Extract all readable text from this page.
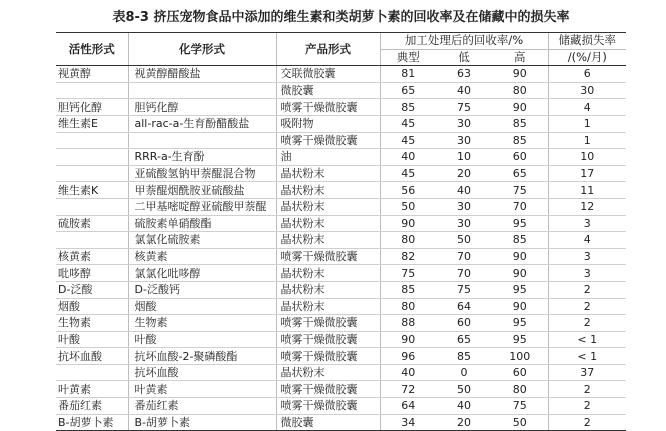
表8-3 挤压宠物食品中添加的维生素和类胡萝卜素的回收率及在储藏中的损失率
活性形式	化学形式	产品形式	加工处理后的回收率/%			储藏损失率
			典型	低	高	/(%/月)
视黄醇	视黄醇醋酸盐	交联微胶囊	81	63	90	6
		微胶囊	65	40	80	30
胆钙化醇	胆钙化醇	喷雾干燥微胶囊	85	75	90	4
维生素E	all-rac-a-生育酚醋酸盐	吸附物	45	30	85	1
		喷雾干燥微胶囊	45	30	85	1
	RRR-a-生育酚	油	40	10	60	10
	亚硫酸氢钠甲萘醌混合物	晶状粉末	45	20	65	17
维生素K	甲萘醌烟酰胺亚硫酸盐	晶状粉末	56	40	75	11
	二甲基嘧啶醇亚硫酸甲萘醌	晶状粉末	50	30	70	12
硫胺素	硫胺素单硝酸酯	晶状粉末	90	30	95	3
	氯氯化硫胺素	晶状粉末	80	50	85	4
核黄素	核黄素	喷雾干燥微胶囊	82	70	90	3
吡哆醇	氯氯化吡哆醇	晶状粉末	75	70	90	3
D-泛酸	D-泛酸钙	晶状粉末	85	75	95	2
烟酸	烟酸	晶状粉末	80	64	90	2
生物素	生物素	喷雾干燥微胶囊	88	60	95	2
叶酸	叶酸	喷雾干燥微胶囊	90	65	95	< 1
抗坏血酸	抗坏血酸-2-聚磷酸酯	喷雾干燥微胶囊	96	85	100	< 1
	抗坏血酸	晶状粉末	40	0	60	37
叶黄素	叶黄素	喷雾干燥微胶囊	72	50	80	2
番茄红素	番茄红素	喷雾干燥微胶囊	64	40	75	2
B-胡萝卜素	B-胡萝卜素	微胶囊	34	20	50	2
